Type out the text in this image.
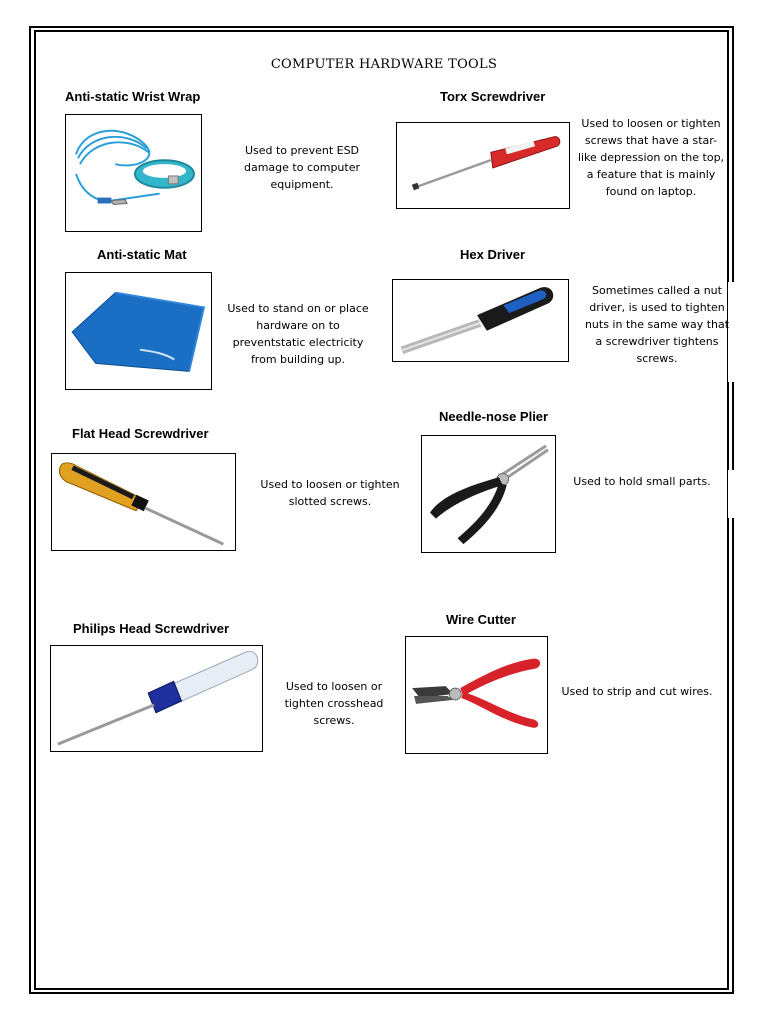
COMPUTER HARDWARE TOOLS
Anti-static Wrist Wrap
Used to prevent ESD damage to computer equipment.
Torx Screwdriver
Used to loosen or tighten screws that have a star-like depression on the top, a feature that is mainly found on laptop.
Anti-static Mat
Used to stand on or place hardware on to preventstatic electricity from building up.
Hex Driver
Sometimes called a nut driver, is used to tighten nuts in the same way that a screwdriver tightens screws.
Flat Head Screwdriver
Used to loosen or tighten slotted screws.
Needle-nose Plier
Used to hold small parts.
Philips Head Screwdriver
Used to loosen or tighten crosshead screws.
Wire Cutter
Used to strip and cut wires.
